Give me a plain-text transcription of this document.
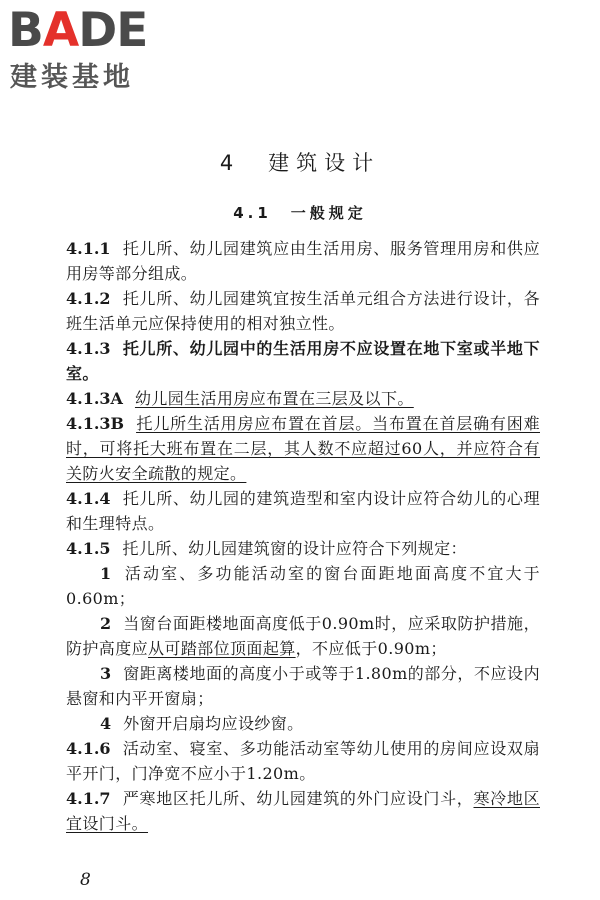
BADE
建装基地
4　建筑设计
4.1　一般规定

4.1.1 托儿所、幼儿园建筑应由生活用房、服务管理用房和供应用房等部分组成。

4.1.2 托儿所、幼儿园建筑宜按生活单元组合方法进行设计，各班生活单元应保持使用的相对独立性。

4.1.3 托儿所、幼儿园中的生活用房不应设置在地下室或半地下室。

4.1.3A 幼儿园生活用房应布置在三层及以下。

4.1.3B 托儿所生活用房应布置在首层。当布置在首层确有困难时，可将托大班布置在二层，其人数不应超过60人，并应符合有关防火安全疏散的规定。

4.1.4 托儿所、幼儿园的建筑造型和室内设计应符合幼儿的心理和生理特点。

4.1.5 托儿所、幼儿园建筑窗的设计应符合下列规定：

1 活动室、多功能活动室的窗台面距地面高度不宜大于0.60m；

2 当窗台面距楼地面高度低于0.90m时，应采取防护措施，防护高度应从可踏部位顶面起算，不应低于0.90m；

3 窗距离楼地面的高度小于或等于1.80m的部分，不应设内悬窗和内平开窗扇；

4 外窗开启扇均应设纱窗。

4.1.6 活动室、寝室、多功能活动室等幼儿使用的房间应设双扇平开门，门净宽不应小于1.20m。

4.1.7 严寒地区托儿所、幼儿园建筑的外门应设门斗，寒冷地区宜设门斗。

8
